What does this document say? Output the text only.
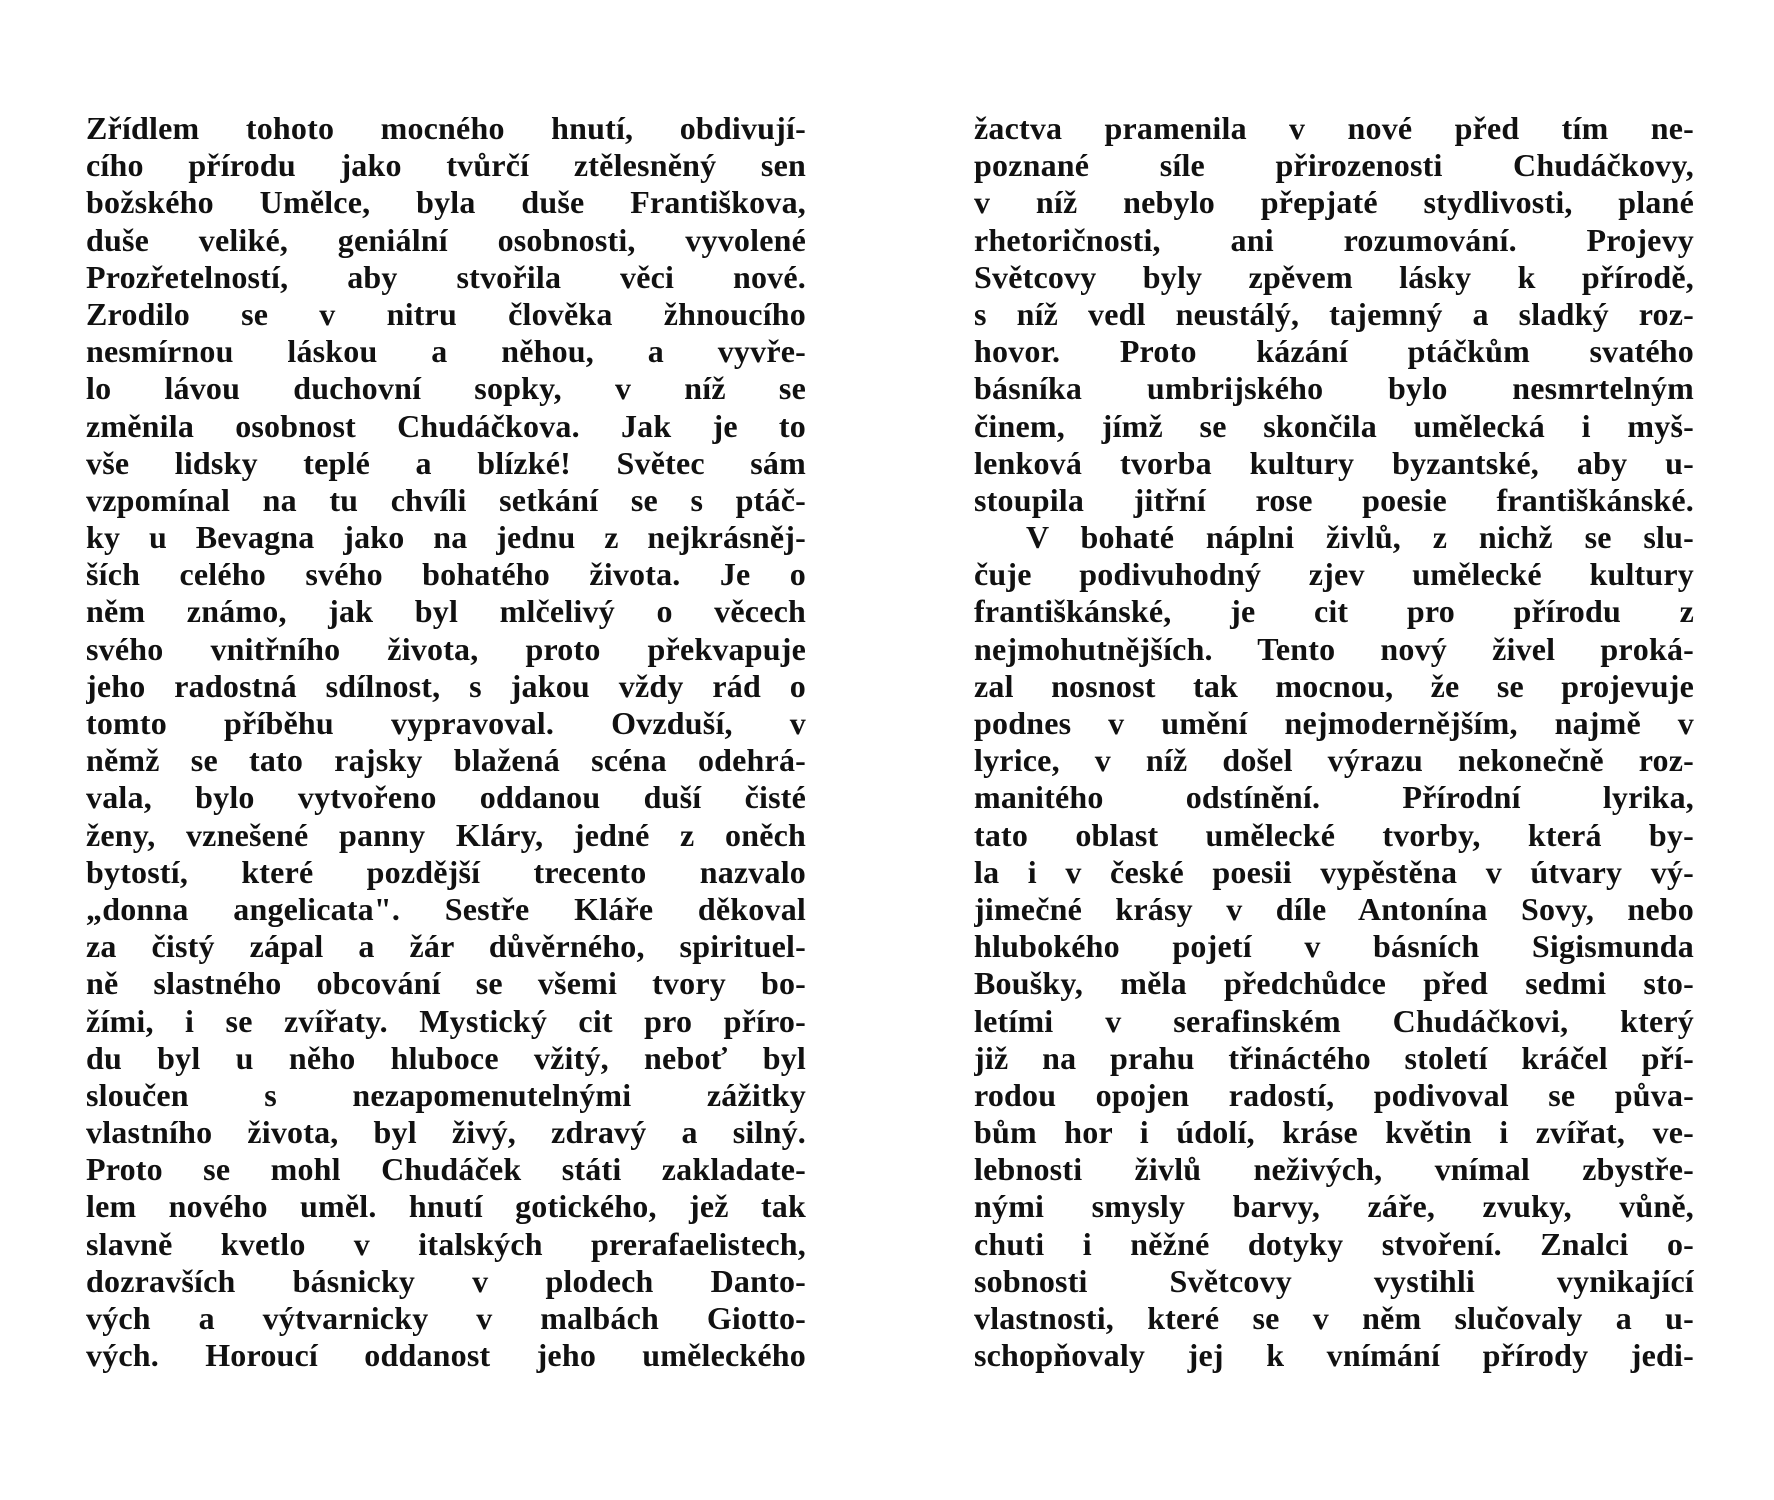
Zřídlem tohoto mocného hnutí, obdivují-
cího přírodu jako tvůrčí ztělesněný sen
božského Umělce, byla duše Františkova,
duše veliké, geniální osobnosti, vyvolené
Prozřetelností, aby stvořila věci nové.
Zrodilo se v nitru člověka žhnoucího
nesmírnou láskou a něhou, a vyvřе-
lo lávou duchovní sopky, v níž se
změnila osobnost Chudáčkova. Jak je to
vše lidsky teplé a blízké! Světec sám
vzpomínal na tu chvíli setkání se s ptáč-
ky u Bevagna jako na jednu z nejkrásněj-
ších celého svého bohatého života. Je o
něm známo, jak byl mlčelivý o věcech
svého vnitřního života, proto překvapuje
jeho radostná sdílnost, s jakou vždy rád o
tomto příběhu vypravoval. Ovzduší, v
němž se tato rajsky blažená scéna odehrá-
vala, bylo vytvořeno oddanou duší čisté
ženy, vznešené panny Kláry, jedné z oněch
bytostí, které pozdější trecento nazvalo
„donna angelicata". Sestře Kláře děkoval
za čistý zápal a žár důvěrného, spirituel-
ně slastného obcování se všemi tvory bo-
žími, i se zvířaty. Mystický cit pro příro-
du byl u něho hluboce vžitý, neboť byl
sloučen s nezapomenutelnými zážitky
vlastního života, byl živý, zdravý a silný.
Proto se mohl Chudáček státi zakladate-
lem nového uměl. hnutí gotického, jež tak
slavně kvetlo v italských prerafaelistech,
dozravších básnicky v plodech Danto-
vých a výtvarnicky v malbách Giotto-
vých. Horoucí oddanost jeho uměleckého
žactva pramenila v nové před tím ne-
poznané síle přirozenosti Chudáčkovy,
v níž nebylo přepjaté stydlivosti, plané
rhetoričnosti, ani rozumování. Projevy
Světcovy byly zpěvem lásky k přírodě,
s níž vedl neustálý, tajemný a sladký roz-
hovor. Proto kázání ptáčkům svatého
básníka umbrijského bylo nesmrtelným
činem, jímž se skončila umělecká i myš-
lenková tvorba kultury byzantské, aby u-
stoupila jitřní rose poesie františkánské.
V bohaté náplni živlů, z nichž se slu-
čuje podivuhodný zjev umělecké kultury
františkánské, je cit pro přírodu z
nejmohutnějších. Tento nový živel prоká-
zal nosnost tak mocnou, že se projevuje
podnes v umění nejmodernějším, najmě v
lyrice, v níž došel výrazu nekonečně roz-
manitého odstínění. Přírodní lyrika,
tato oblast umělecké tvorby, která by-
la i v české poesii vypěstěna v útvary vý-
jimečné krásy v díle Antonína Sovy, nebo
hlubokého pojetí v básních Sigismunda
Boušky, měla předchůdce před sedmi sto-
letími v serafinském Chudáčkovi, který
již na prahu třináctého století kráčel pří-
rodou opojen radostí, podivoval se půva-
bům hor i údolí, kráse květin i zvířat, ve-
lebnosti živlů neživých, vnímal zbystře-
nými smysly barvy, záře, zvuky, vůně,
chuti i něžné dotyky stvoření. Znalci o-
sobnosti Světcovy vystihli vynikající
vlastnosti, které se v něm slučovaly a u-
schopňovaly jej k vnímání přírody jedi-
